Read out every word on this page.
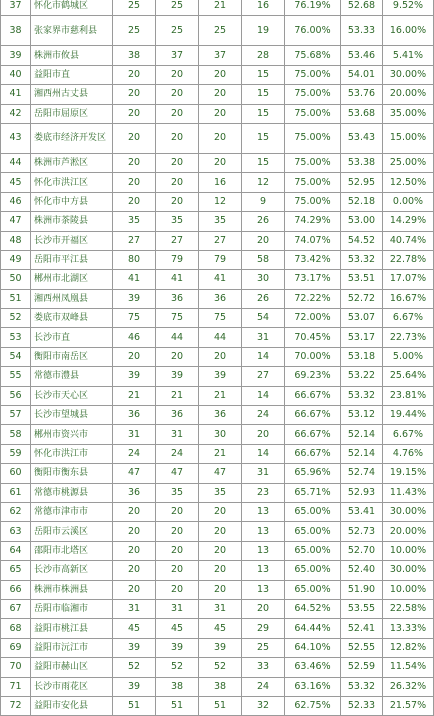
37	怀化市鹤城区	25	25	21	16	76.19%	52.68	9.52%
38	张家界市慈利县	25	25	25	19	76.00%	53.33	16.00%
39	株洲市攸县	38	37	37	28	75.68%	53.46	5.41%
40	益阳市直	20	20	20	15	75.00%	54.01	30.00%
41	湘西州古丈县	20	20	20	15	75.00%	53.76	20.00%
42	岳阳市屈原区	20	20	20	15	75.00%	53.68	35.00%
43	娄底市经济开发区	20	20	20	15	75.00%	53.43	15.00%
44	株洲市芦淞区	20	20	20	15	75.00%	53.38	25.00%
45	怀化市洪江区	20	20	16	12	75.00%	52.95	12.50%
46	怀化市中方县	20	20	12	9	75.00%	52.18	0.00%
47	株洲市茶陵县	35	35	35	26	74.29%	53.00	14.29%
48	长沙市开福区	27	27	27	20	74.07%	54.52	40.74%
49	岳阳市平江县	80	79	79	58	73.42%	53.32	22.78%
50	郴州市北湖区	41	41	41	30	73.17%	53.51	17.07%
51	湘西州凤凰县	39	36	36	26	72.22%	52.72	16.67%
52	娄底市双峰县	75	75	75	54	72.00%	53.07	6.67%
53	长沙市直	46	44	44	31	70.45%	53.17	22.73%
54	衡阳市南岳区	20	20	20	14	70.00%	53.18	5.00%
55	常德市澧县	39	39	39	27	69.23%	53.22	25.64%
56	长沙市天心区	21	21	21	14	66.67%	53.32	23.81%
57	长沙市望城县	36	36	36	24	66.67%	53.12	19.44%
58	郴州市资兴市	31	31	30	20	66.67%	52.14	6.67%
59	怀化市洪江市	24	24	21	14	66.67%	52.14	4.76%
60	衡阳市衡东县	47	47	47	31	65.96%	52.74	19.15%
61	常德市桃源县	36	35	35	23	65.71%	52.93	11.43%
62	常德市津市市	20	20	20	13	65.00%	53.41	30.00%
63	岳阳市云溪区	20	20	20	13	65.00%	52.73	20.00%
64	邵阳市北塔区	20	20	20	13	65.00%	52.70	10.00%
65	长沙市高新区	20	20	20	13	65.00%	52.40	30.00%
66	株洲市株洲县	20	20	20	13	65.00%	51.90	10.00%
67	岳阳市临湘市	31	31	31	20	64.52%	53.55	22.58%
68	益阳市桃江县	45	45	45	29	64.44%	52.41	13.33%
69	益阳市沅江市	39	39	39	25	64.10%	52.55	12.82%
70	益阳市赫山区	52	52	52	33	63.46%	52.59	11.54%
71	长沙市雨花区	39	38	38	24	63.16%	53.32	26.32%
72	益阳市安化县	51	51	51	32	62.75%	52.33	21.57%
